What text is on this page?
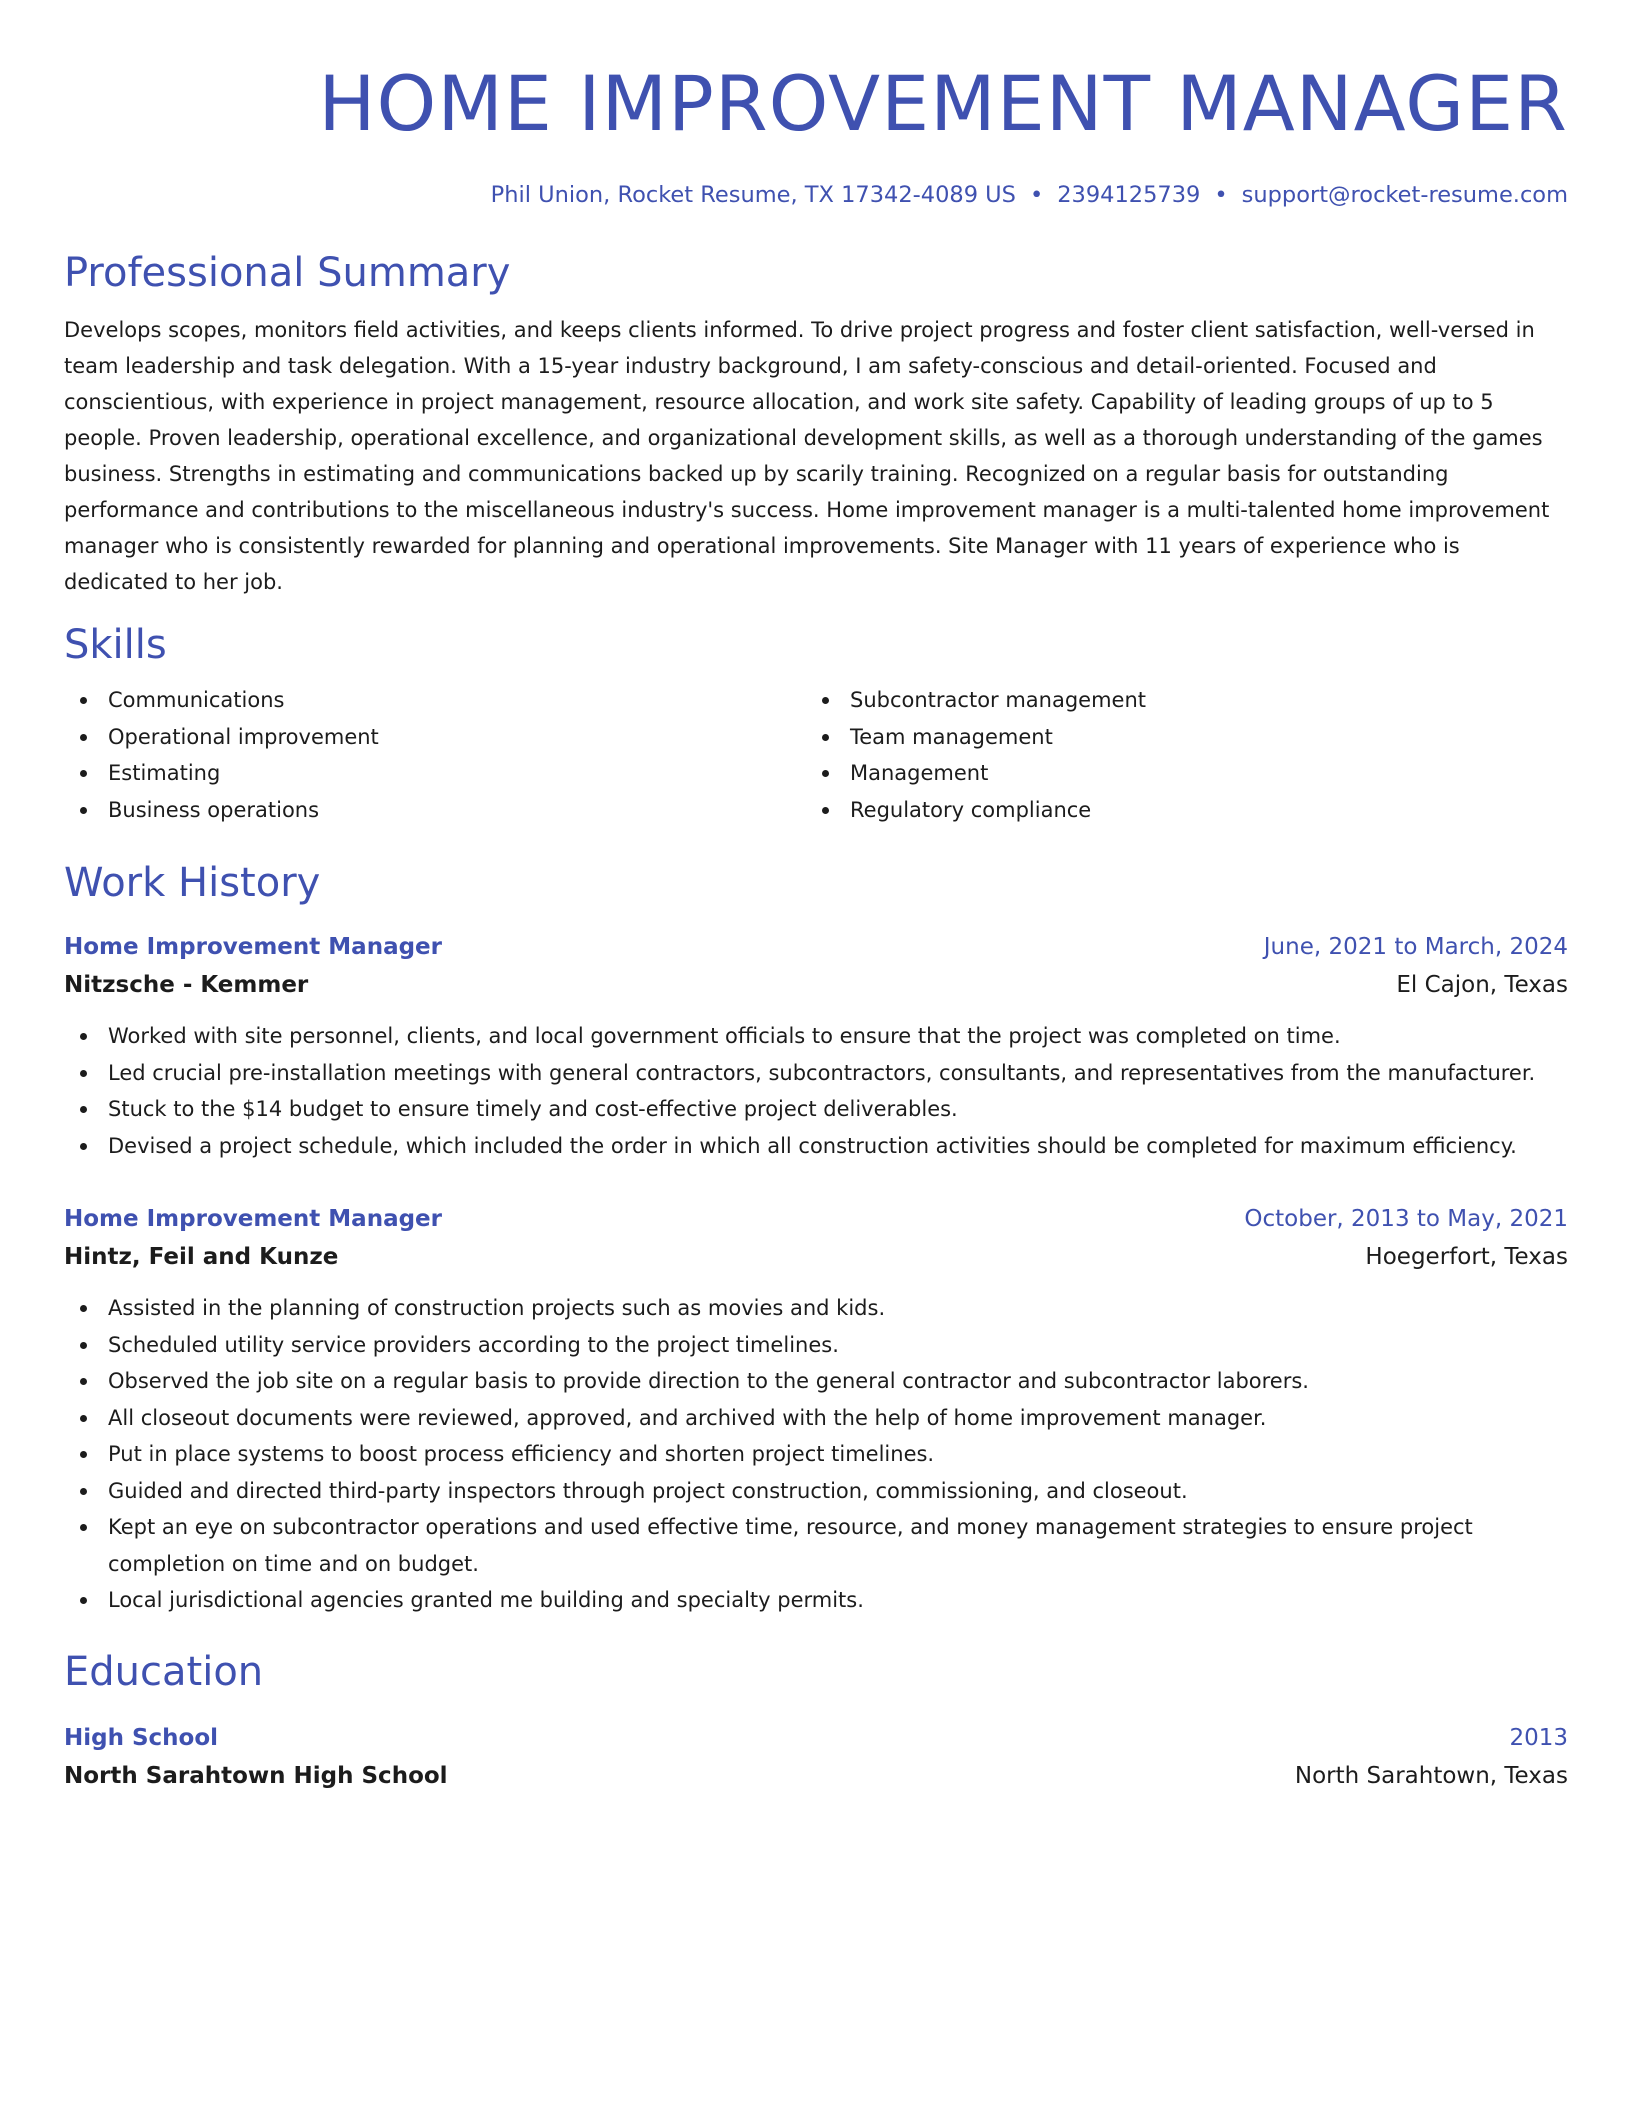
HOME IMPROVEMENT MANAGER
Phil Union, Rocket Resume, TX 17342-4089 US • 2394125739 • support@rocket-resume.com
Professional Summary
Develops scopes, monitors field activities, and keeps clients informed. To drive project progress and foster client satisfaction, well-versed in team leadership and task delegation. With a 15-year industry background, I am safety-conscious and detail-oriented. Focused and conscientious, with experience in project management, resource allocation, and work site safety. Capability of leading groups of up to 5 people. Proven leadership, operational excellence, and organizational development skills, as well as a thorough understanding of the games business. Strengths in estimating and communications backed up by scarily training. Recognized on a regular basis for outstanding performance and contributions to the miscellaneous industry's success. Home improvement manager is a multi-talented home improvement manager who is consistently rewarded for planning and operational improvements. Site Manager with 11 years of experience who is dedicated to her job.
Skills
Communications
Operational improvement
Estimating
Business operations
Subcontractor management
Team management
Management
Regulatory compliance
Work History
Home Improvement Manager	June, 2021 to March, 2024
Nitzsche - Kemmer	El Cajon, Texas
Worked with site personnel, clients, and local government officials to ensure that the project was completed on time.
Led crucial pre-installation meetings with general contractors, subcontractors, consultants, and representatives from the manufacturer.
Stuck to the $14 budget to ensure timely and cost-effective project deliverables.
Devised a project schedule, which included the order in which all construction activities should be completed for maximum efficiency.
Home Improvement Manager	October, 2013 to May, 2021
Hintz, Feil and Kunze	Hoegerfort, Texas
Assisted in the planning of construction projects such as movies and kids.
Scheduled utility service providers according to the project timelines.
Observed the job site on a regular basis to provide direction to the general contractor and subcontractor laborers.
All closeout documents were reviewed, approved, and archived with the help of home improvement manager.
Put in place systems to boost process efficiency and shorten project timelines.
Guided and directed third-party inspectors through project construction, commissioning, and closeout.
Kept an eye on subcontractor operations and used effective time, resource, and money management strategies to ensure project completion on time and on budget.
Local jurisdictional agencies granted me building and specialty permits.
Education
High School	2013
North Sarahtown High School	North Sarahtown, Texas
